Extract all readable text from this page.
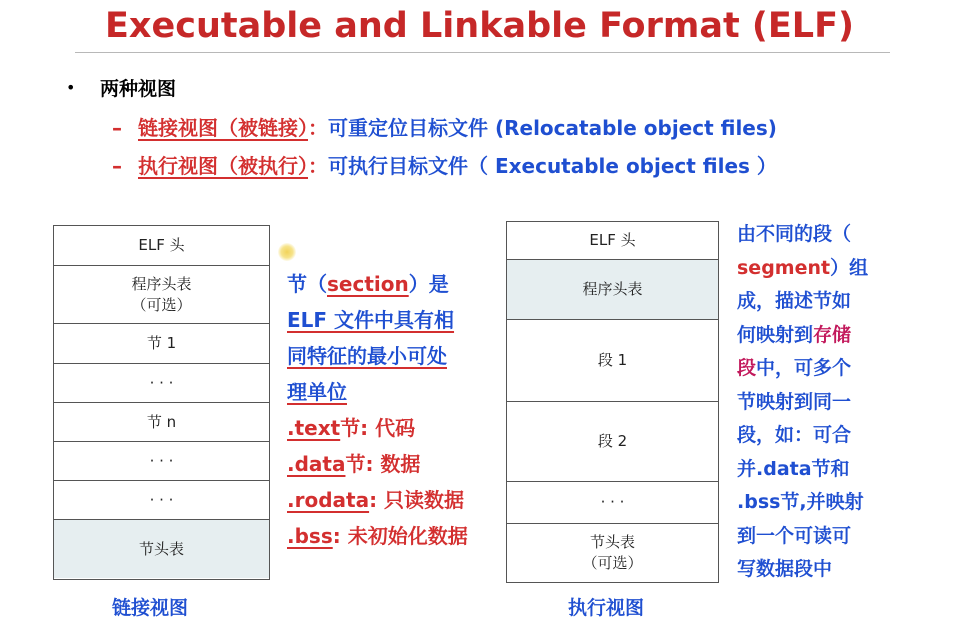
Executable and Linkable Format (ELF)
• 两种视图
– 链接视图（被链接）：可重定位目标文件 (Relocatable object files)
– 执行视图（被执行）：可执行目标文件（ Executable object files ）
ELF 头
程序头表
（可选）
节 1
· · ·
节 n
· · ·
· · ·
节头表
链接视图
ELF 头
程序头表
段 1
段 2
· · ·
节头表
（可选）
执行视图
节（section）是
ELF 文件中具有相
同特征的最小可处
理单位
.text节: 代码
.data节: 数据
.rodata: 只读数据
.bss: 未初始化数据
由不同的段（
segment）组
成，描述节如
何映射到存储
段中，可多个
节映射到同一
段，如：可合
并.data节和
.bss节,并映射
到一个可读可
写数据段中
